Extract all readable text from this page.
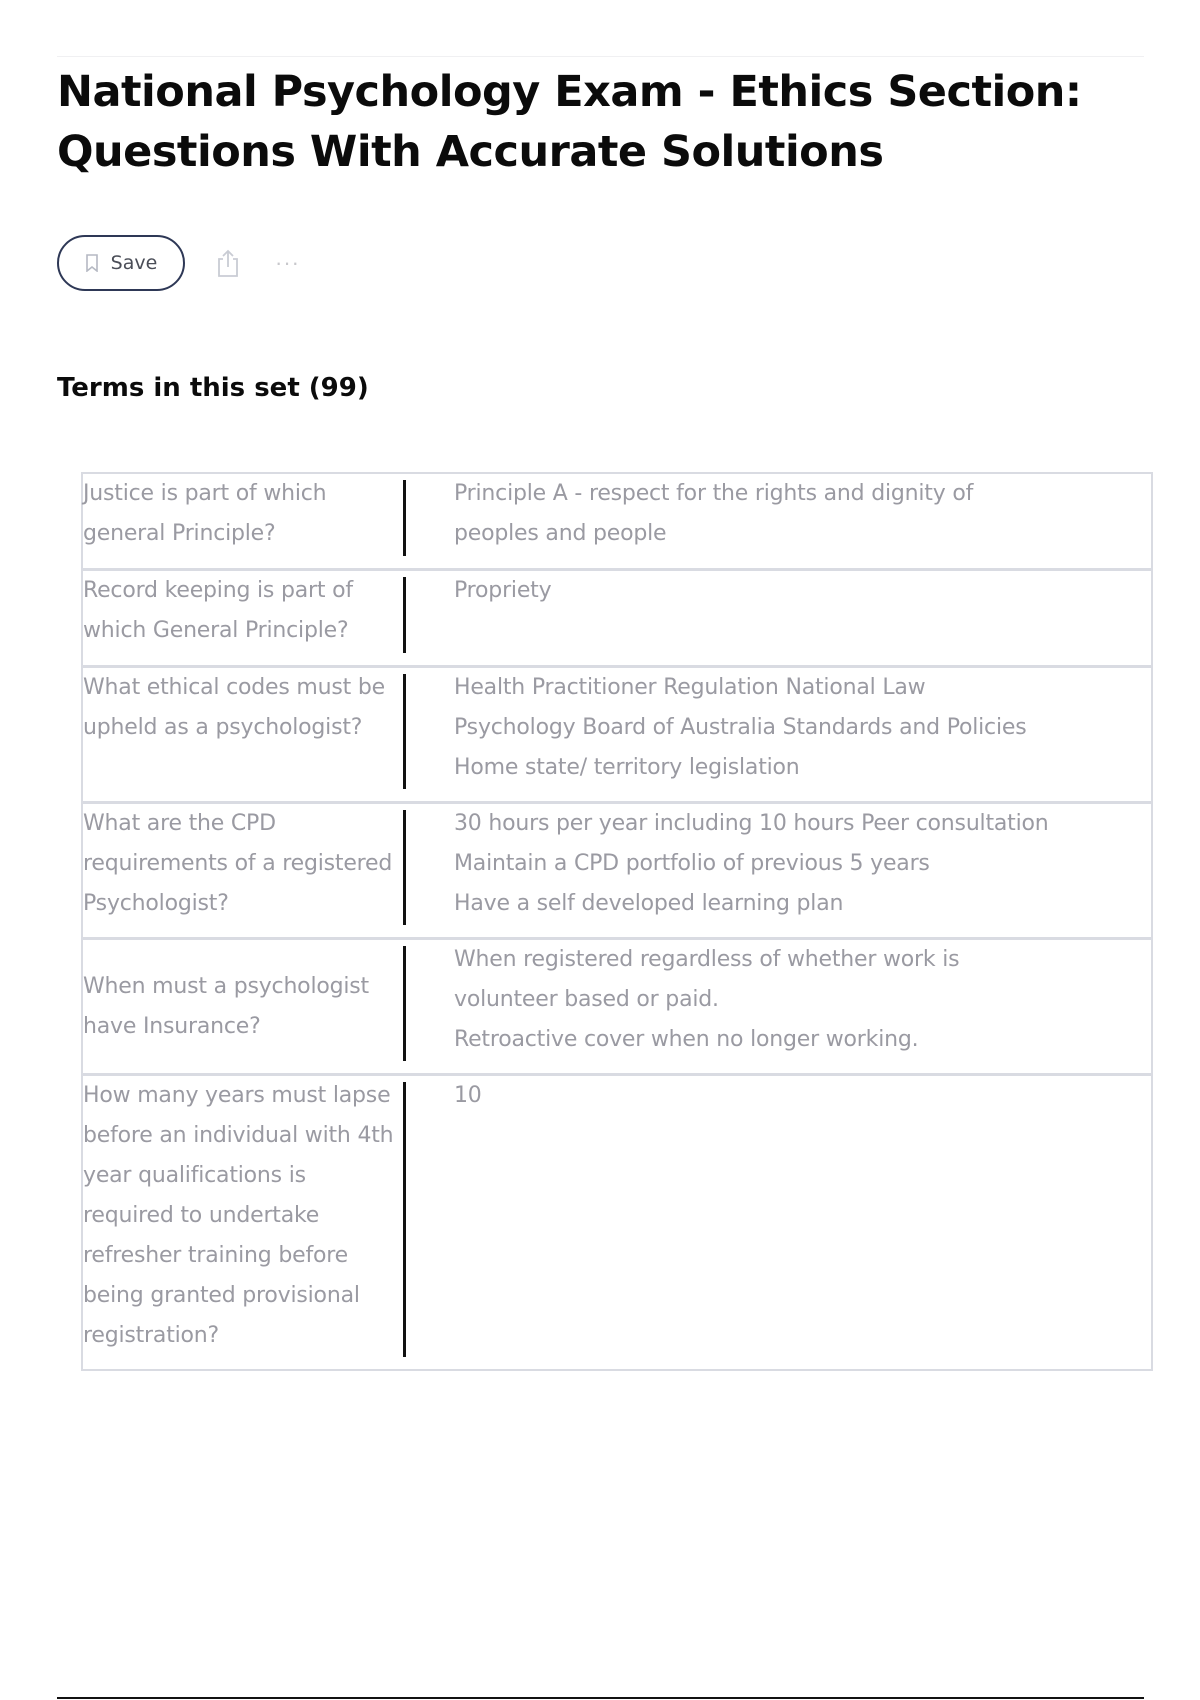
National Psychology Exam - Ethics Section: Questions With Accurate Solutions
Save	···
Terms in this set (99)
Justice is part of which general Principle?
Principle A - respect for the rights and dignity of
peoples and people
Record keeping is part of which General Principle?
Propriety
What ethical codes must be upheld as a psychologist?
Health Practitioner Regulation National Law
Psychology Board of Australia Standards and Policies
Home state/ territory legislation
What are the CPD requirements of a registered Psychologist?
30 hours per year including 10 hours Peer consultation
Maintain a CPD portfolio of previous 5 years
Have a self developed learning plan
When must a psychologist have Insurance?
When registered regardless of whether work is
volunteer based or paid.
Retroactive cover when no longer working.
How many years must lapse before an individual with 4th year qualifications is required to undertake refresher training before being granted provisional registration?
10
